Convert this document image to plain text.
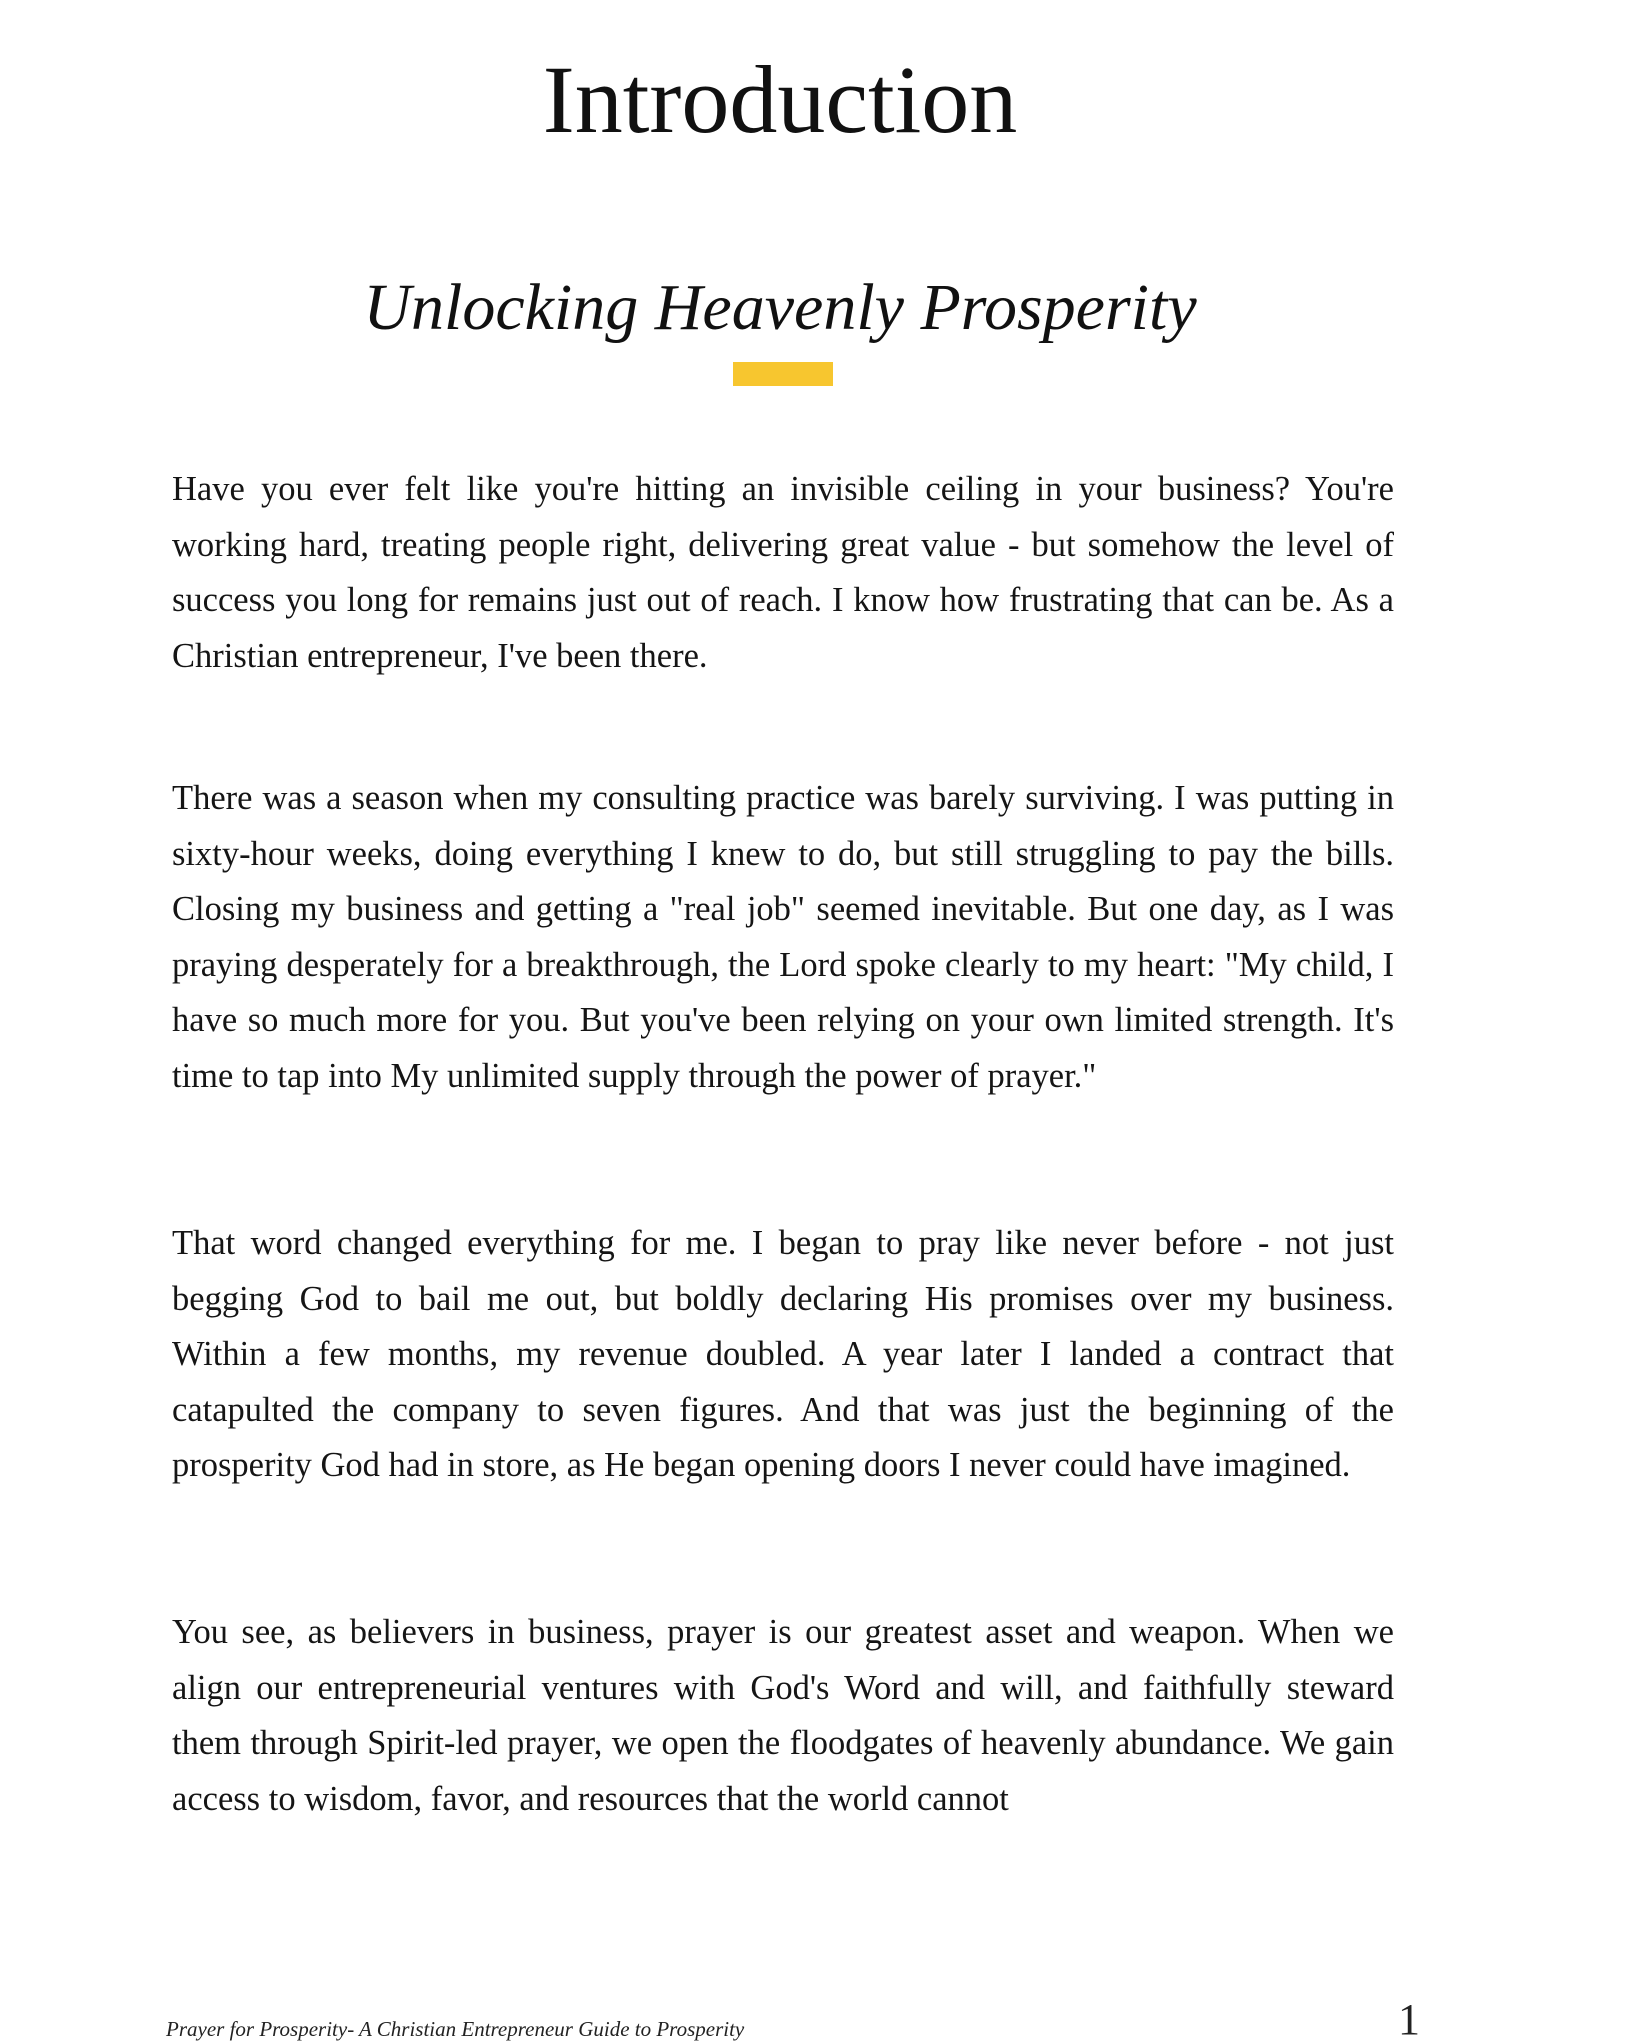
Introduction
Unlocking Heavenly Prosperity

Have you ever felt like you're hitting an invisible ceiling in your business? You're working hard, treating people right, delivering great value - but somehow the level of success you long for remains just out of reach. I know how frustrating that can be. As a Christian entrepreneur, I've been there.

There was a season when my consulting practice was barely surviving. I was putting in sixty-hour weeks, doing everything I knew to do, but still struggling to pay the bills. Closing my business and getting a "real job" seemed inevitable. But one day, as I was praying desperately for a breakthrough, the Lord spoke clearly to my heart: "My child, I have so much more for you. But you've been relying on your own limited strength. It's time to tap into My unlimited supply through the power of prayer."

That word changed everything for me. I began to pray like never before - not just begging God to bail me out, but boldly declaring His promises over my business. Within a few months, my revenue doubled. A year later I landed a contract that catapulted the company to seven figures. And that was just the beginning of the prosperity God had in store, as He began opening doors I never could have imagined.

You see, as believers in business, prayer is our greatest asset and weapon. When we align our entrepreneurial ventures with God's Word and will, and faithfully steward them through Spirit-led prayer, we open the floodgates of heavenly abundance. We gain access to wisdom, favor, and resources that the world cannot

Prayer for Prosperity- A Christian Entrepreneur Guide to Prosperity	1
